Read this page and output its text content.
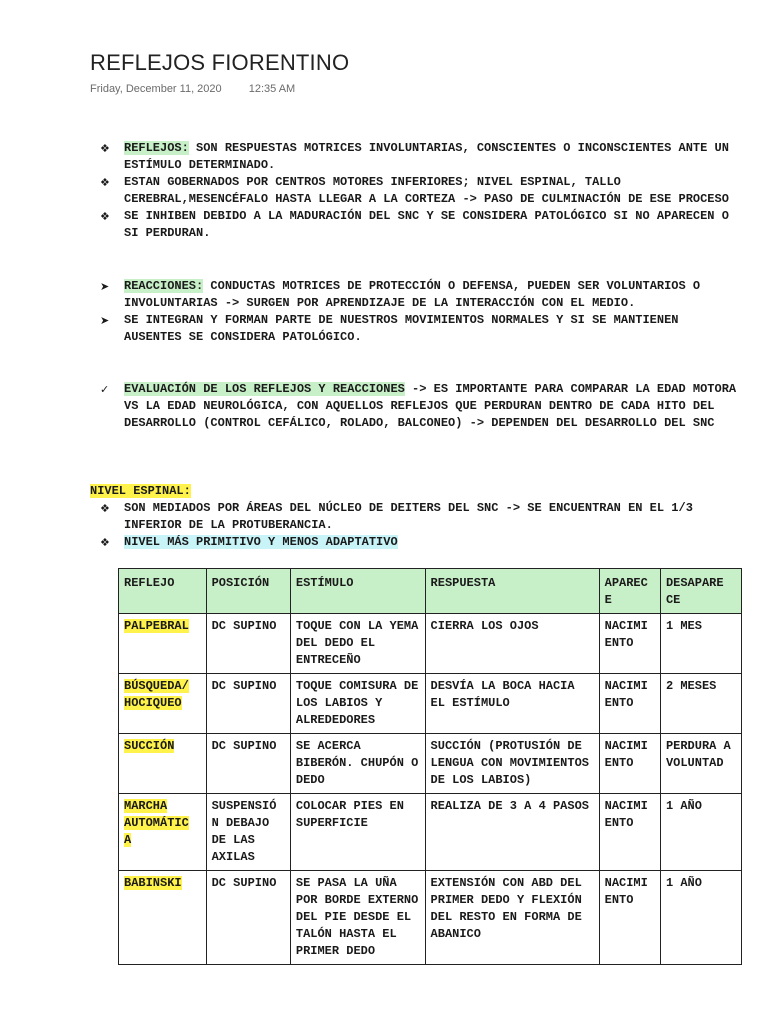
REFLEJOS FIORENTINO
Friday, December 11, 2020 12:35 AM
❖	REFLEJOS: SON RESPUESTAS MOTRICES INVOLUNTARIAS, CONSCIENTES O INCONSCIENTES ANTE UN ESTÍMULO DETERMINADO.
❖	ESTAN GOBERNADOS POR CENTROS MOTORES INFERIORES; NIVEL ESPINAL, TALLO CEREBRAL,MESENCÉFALO HASTA LLEGAR A LA CORTEZA -> PASO DE CULMINACIÓN DE ESE PROCESO
❖	SE INHIBEN DEBIDO A LA MADURACIÓN DEL SNC Y SE CONSIDERA PATOLÓGICO SI NO APARECEN O SI PERDURAN.
➤	REACCIONES: CONDUCTAS MOTRICES DE PROTECCIÓN O DEFENSA, PUEDEN SER VOLUNTARIOS O INVOLUNTARIAS -> SURGEN POR APRENDIZAJE DE LA INTERACCIÓN CON EL MEDIO.
➤	SE INTEGRAN Y FORMAN PARTE DE NUESTROS MOVIMIENTOS NORMALES Y SI SE MANTIENEN AUSENTES SE CONSIDERA PATOLÓGICO.
✓	EVALUACIÓN DE LOS REFLEJOS Y REACCIONES -> ES IMPORTANTE PARA COMPARAR LA EDAD MOTORA VS LA EDAD NEUROLÓGICA, CON AQUELLOS REFLEJOS QUE PERDURAN DENTRO DE CADA HITO DEL DESARROLLO (CONTROL CEFÁLICO, ROLADO, BALCONEO) -> DEPENDEN DEL DESARROLLO DEL SNC
NIVEL ESPINAL:
❖	SON MEDIADOS POR ÁREAS DEL NÚCLEO DE DEITERS DEL SNC -> SE ENCUENTRAN EN EL 1/3 INFERIOR DE LA PROTUBERANCIA.
❖	NIVEL MÁS PRIMITIVO Y MENOS ADAPTATIVO
REFLEJO	POSICIÓN	ESTÍMULO	RESPUESTA	APAREC E	DESAPARE CE
PALPEBRAL	DC SUPINO	TOQUE CON LA YEMA DEL DEDO EL ENTRECEÑO	CIERRA LOS OJOS	NACIMI ENTO	1 MES
BÚSQUEDA/ HOCIQUEO	DC SUPINO	TOQUE COMISURA DE LOS LABIOS Y ALREDEDORES	DESVÍA LA BOCA HACIA EL ESTÍMULO	NACIMI ENTO	2 MESES
SUCCIÓN	DC SUPINO	SE ACERCA BIBERÓN. CHUPÓN O DEDO	SUCCIÓN (PROTUSIÓN DE LENGUA CON MOVIMIENTOS DE LOS LABIOS)	NACIMI ENTO	PERDURA A VOLUNTAD
MARCHA AUTOMÁTIC A	SUSPENSIÓ N DEBAJO DE LAS AXILAS	COLOCAR PIES EN SUPERFICIE	REALIZA DE 3 A 4 PASOS	NACIMI ENTO	1 AÑO
BABINSKI	DC SUPINO	SE PASA LA UÑA POR BORDE EXTERNO DEL PIE DESDE EL TALÓN HASTA EL PRIMER DEDO	EXTENSIÓN CON ABD DEL PRIMER DEDO Y FLEXIÓN DEL RESTO EN FORMA DE ABANICO	NACIMI ENTO	1 AÑO
